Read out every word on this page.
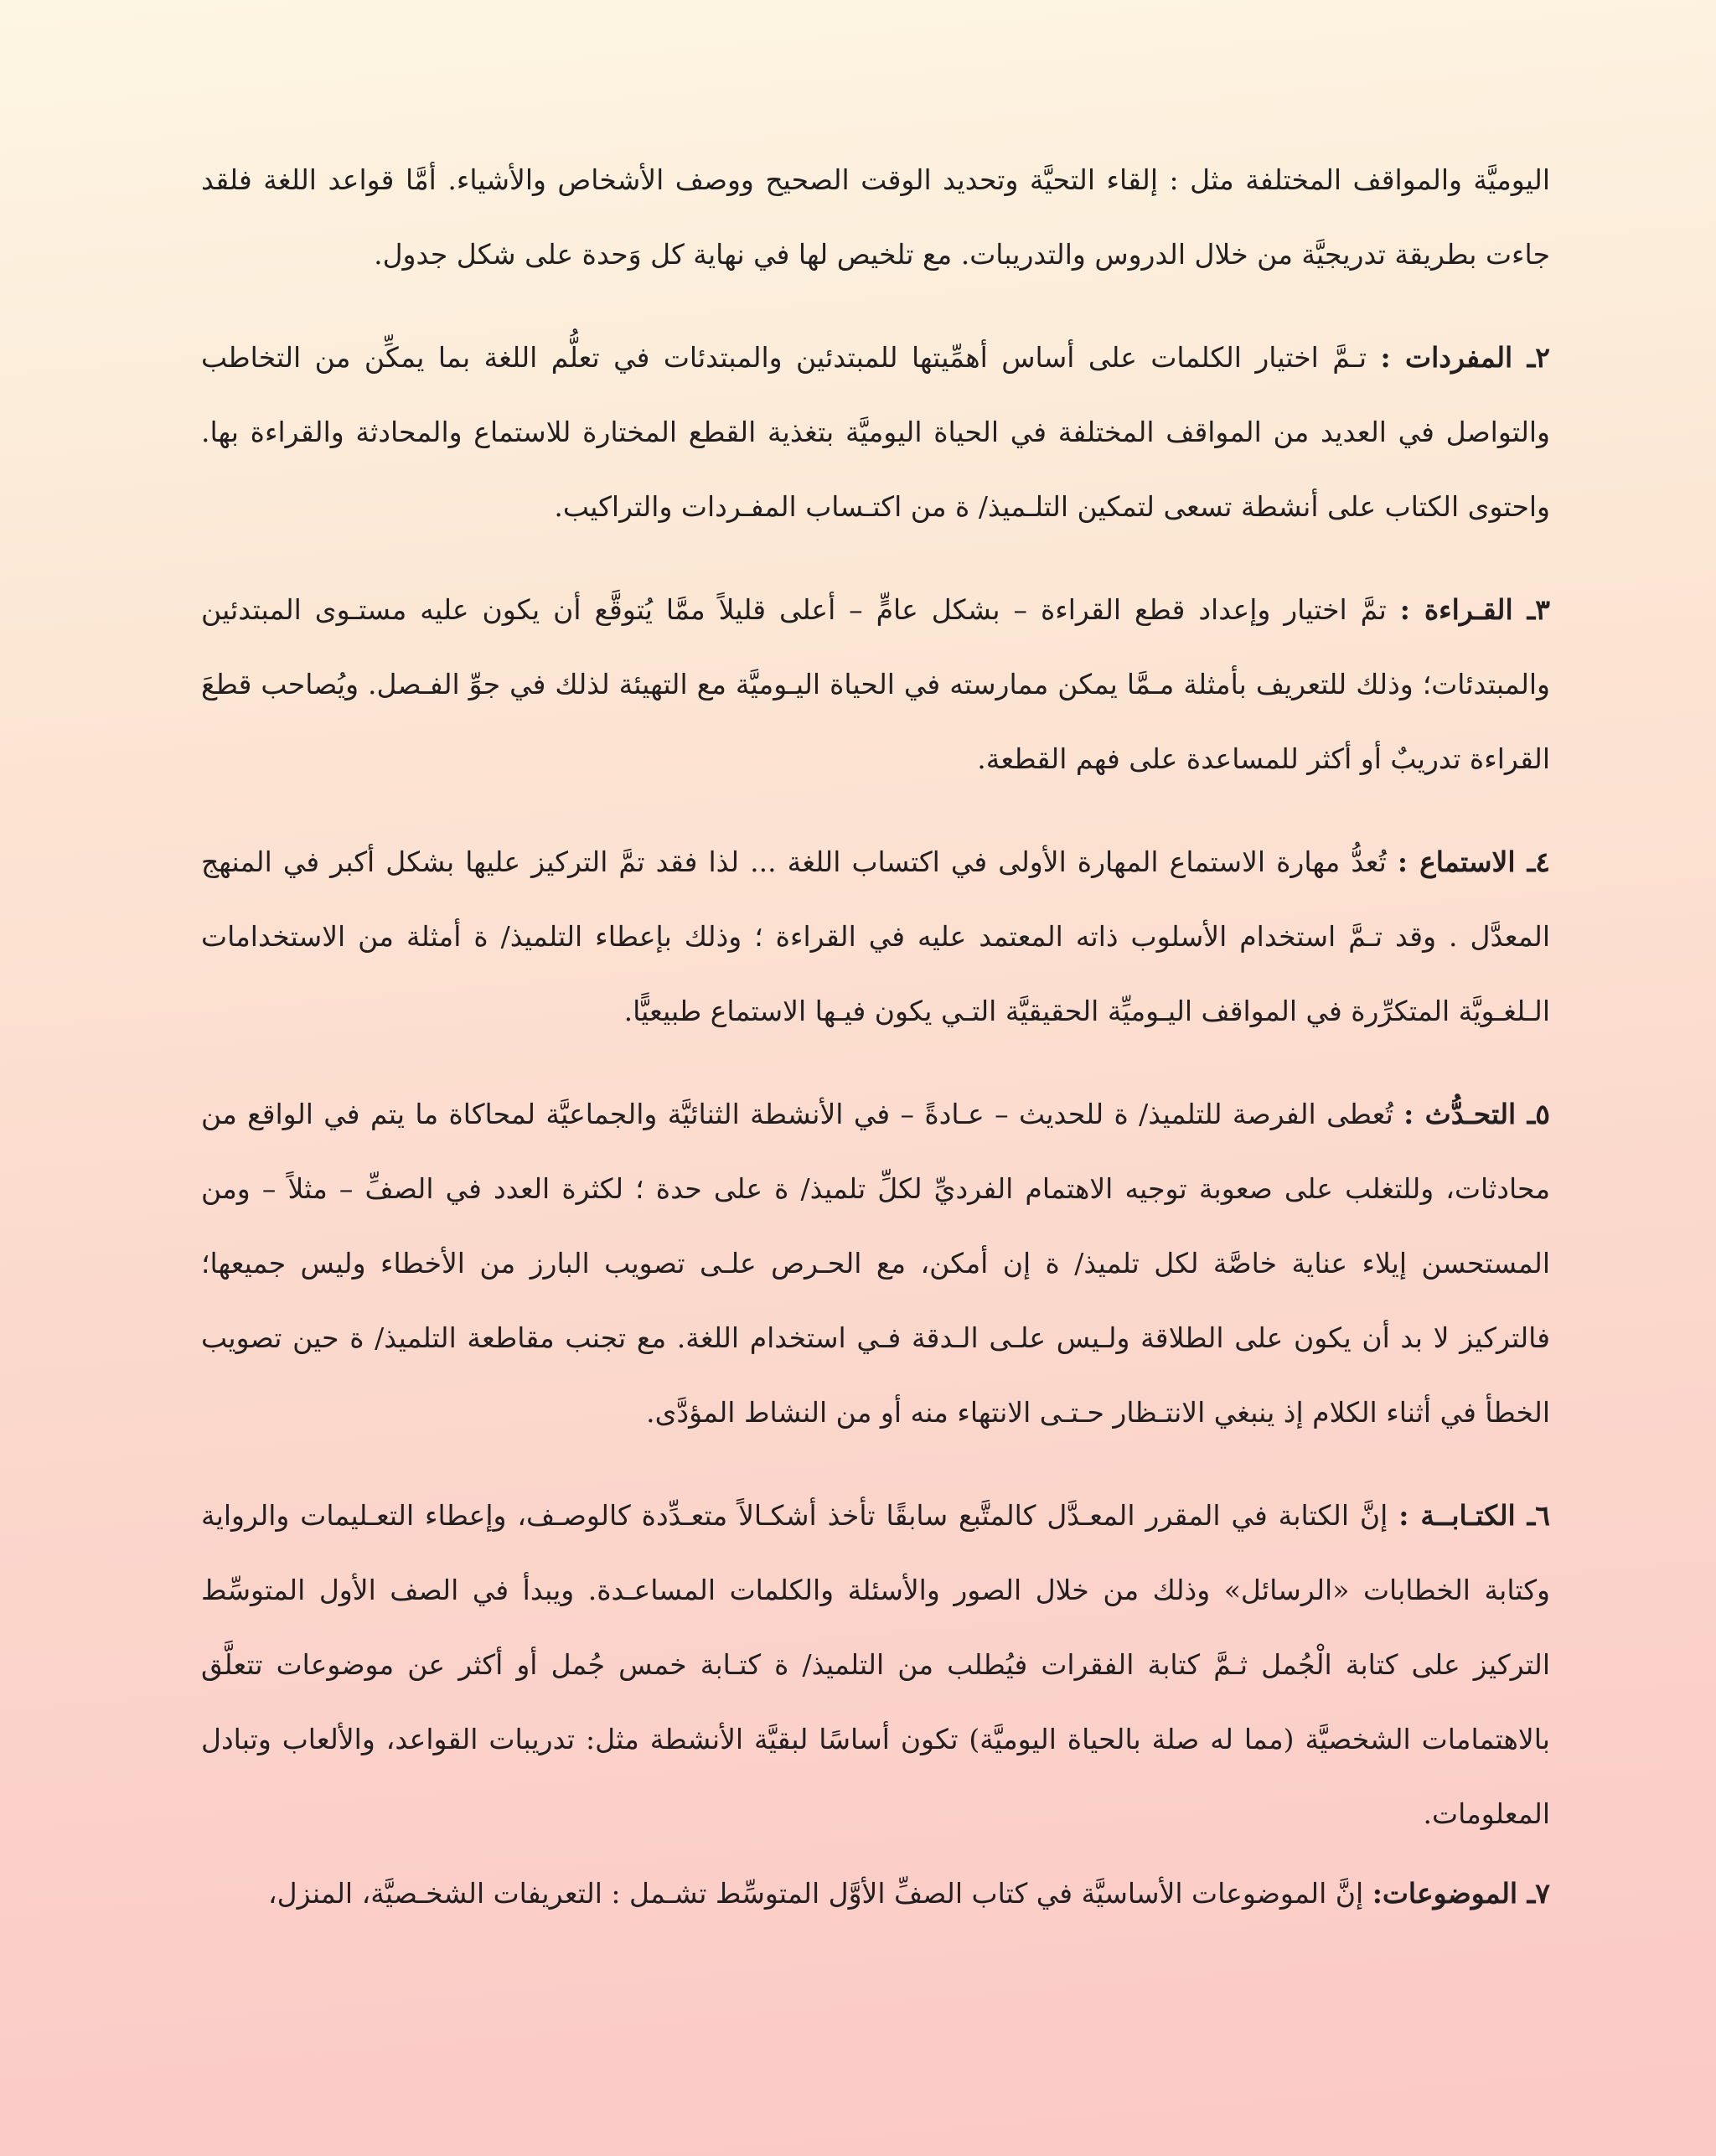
اليوميَّة والمواقف المختلفة مثل : إلقاء التحيَّة وتحديد الوقت الصحيح ووصف الأشخاص والأشياء. أمَّا قواعد اللغة فلقد جاءت بطريقة تدريجيَّة من خلال الدروس والتدريبات. مع تلخيص لها في نهاية كل وَحدة على شكل جدول.

٢ـ المفردات : تـمَّ اختيار الكلمات على أساس أهمِّيتها للمبتدئين والمبتدئات في تعلُّم اللغة بما يمكِّن من التخاطب والتواصل في العديد من المواقف المختلفة في الحياة اليوميَّة بتغذية القطع المختارة للاستماع والمحادثة والقراءة بها. واحتوى الكتاب على أنشطة تسعى لتمكين التلـميذ/ ة من اكتـساب المفـردات والتراكيب.

٣ـ القـراءة : تمَّ اختيار وإعداد قطع القراءة – بشكل عامٍّ – أعلى قليلاً ممَّا يُتوقَّع أن يكون عليه مستـوى المبتدئين والمبتدئات؛ وذلك للتعريف بأمثلة مـمَّا يمكن ممارسته في الحياة اليـوميَّة مع التهيئة لذلك في جوِّ الفـصل. ويُصاحب قطعَ القراءة تدريبٌ أو أكثر للمساعدة على فهم القطعة.

٤ـ الاستماع : تُعدُّ مهارة الاستماع المهارة الأولى في اكتساب اللغة ... لذا فقد تمَّ التركيز عليها بشكل أكبر في المنهج المعدَّل . وقد تـمَّ استخدام الأسلوب ذاته المعتمد عليه في القراءة ؛ وذلك بإعطاء التلميذ/ ة أمثلة من الاستخدامات الـلغـويَّة المتكرِّرة في المواقف اليـوميِّة الحقيقيَّة التـي يكون فيـها الاستماع طبيعيًّا.

٥ـ التحـدُّث : تُعطى الفرصة للتلميذ/ ة للحديث – عـادةً – في الأنشطة الثنائيَّة والجماعيَّة لمحاكاة ما يتم في الواقع من محادثات، وللتغلب على صعوبة توجيه الاهتمام الفرديِّ لكلِّ تلميذ/ ة على حدة ؛ لكثرة العدد في الصفِّ – مثلاً – ومن المستحسن إيلاء عناية خاصَّة لكل تلميذ/ ة إن أمكن، مع الحـرص علـى تصويب البارز من الأخطاء وليس جميعها؛ فالتركيز لا بد أن يكون على الطلاقة ولـيس علـى الـدقة فـي استخدام اللغة. مع تجنب مقاطعة التلميذ/ ة حين تصويب الخطأ في أثناء الكلام إذ ينبغي الانتـظار حـتـى الانتهاء منه أو من النشاط المؤدَّى.

٦ـ الكتـابــة : إنَّ الكتابة في المقرر المعـدَّل كالمتَّبع سابقًا تأخذ أشكـالاً متعـدِّدة كالوصـف، وإعطاء التعـليمات والرواية وكتابة الخطابات «الرسائل» وذلك من خلال الصور والأسئلة والكلمات المساعـدة. ويبدأ في الصف الأول المتوسِّط التركيز على كتابة الْجُمل ثـمَّ كتابة الفقرات فيُطلب من التلميذ/ ة كتـابة خمس جُمل أو أكثر عن موضوعات تتعلَّق بالاهتمامات الشخصيَّة (مما له صلة بالحياة اليوميَّة) تكون أساسًا لبقيَّة الأنشطة مثل: تدريبات القواعد، والألعاب وتبادل المعلومات.

٧ـ الموضوعات: إنَّ الموضوعات الأساسيَّة في كتاب الصفِّ الأوَّل المتوسِّط تشـمل : التعريفات الشخـصيَّة، المنزل،
